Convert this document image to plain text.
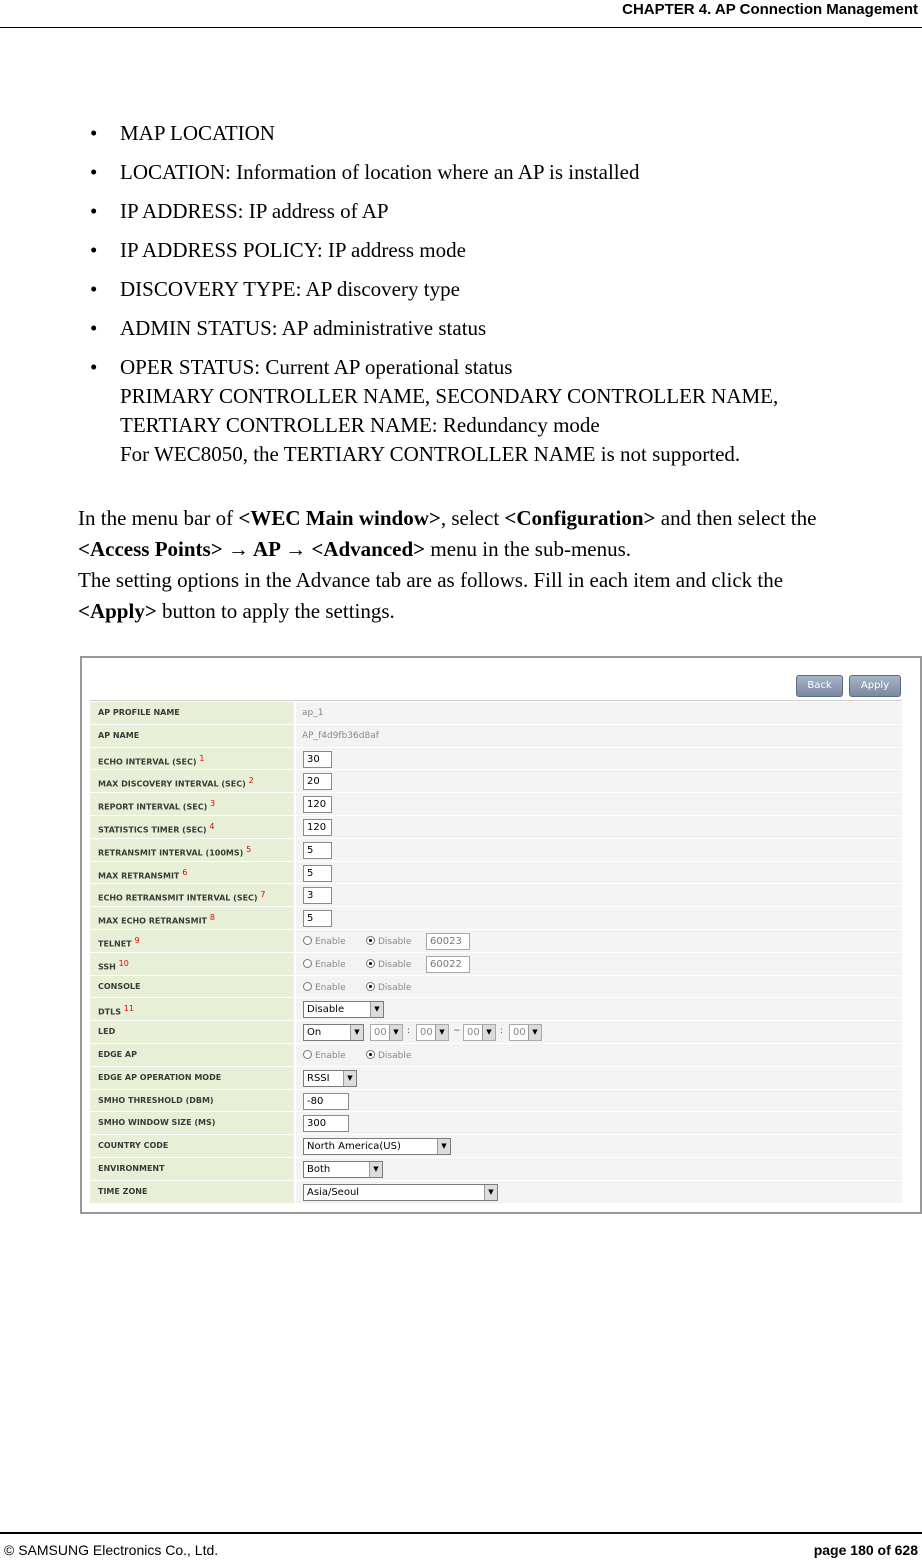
CHAPTER 4. AP Connection Management
• MAP LOCATION
• LOCATION: Information of location where an AP is installed
• IP ADDRESS: IP address of AP
• IP ADDRESS POLICY: IP address mode
• DISCOVERY TYPE: AP discovery type
• ADMIN STATUS: AP administrative status
• OPER STATUS: Current AP operational status
PRIMARY CONTROLLER NAME, SECONDARY CONTROLLER NAME,
TERTIARY CONTROLLER NAME: Redundancy mode
For WEC8050, the TERTIARY CONTROLLER NAME is not supported.
In the menu bar of <WEC Main window>, select <Configuration> and then select the
<Access Points> → AP → <Advanced> menu in the sub-menus.
The setting options in the Advance tab are as follows. Fill in each item and click the
<Apply> button to apply the settings.
Back	Apply
AP PROFILE NAME	ap_1
AP NAME	AP_f4d9fb36d8af
ECHO INTERVAL (SEC) $^1$	30
MAX DISCOVERY INTERVAL (SEC) $^2$	20
REPORT INTERVAL (SEC) $^3$	120
STATISTICS TIMER (SEC) $^4$	120
RETRANSMIT INTERVAL (100MS) $^5$	5
MAX RETRANSMIT $^6$	5
ECHO RETRANSMIT INTERVAL (SEC) $^7$	3
MAX ECHO RETRANSMIT $^8$	5
TELNET $^9$	Enable	Disable	60023
SSH $^{10}$	Enable	Disable	60022
CONSOLE	Enable	Disable
DTLS $^{11}$	Disable	▼
LED	On	▼	00 ▼ : 00 ▼ ~ 00 ▼ : 00 ▼
EDGE AP	Enable	Disable
EDGE AP OPERATION MODE	RSSI	▼
SMHO THRESHOLD (DBM)	-80
SMHO WINDOW SIZE (MS)	300
COUNTRY CODE	North America(US)	▼
ENVIRONMENT	Both	▼
TIME ZONE	Asia/Seoul	▼
© SAMSUNG Electronics Co., Ltd.	page 180 of 628
